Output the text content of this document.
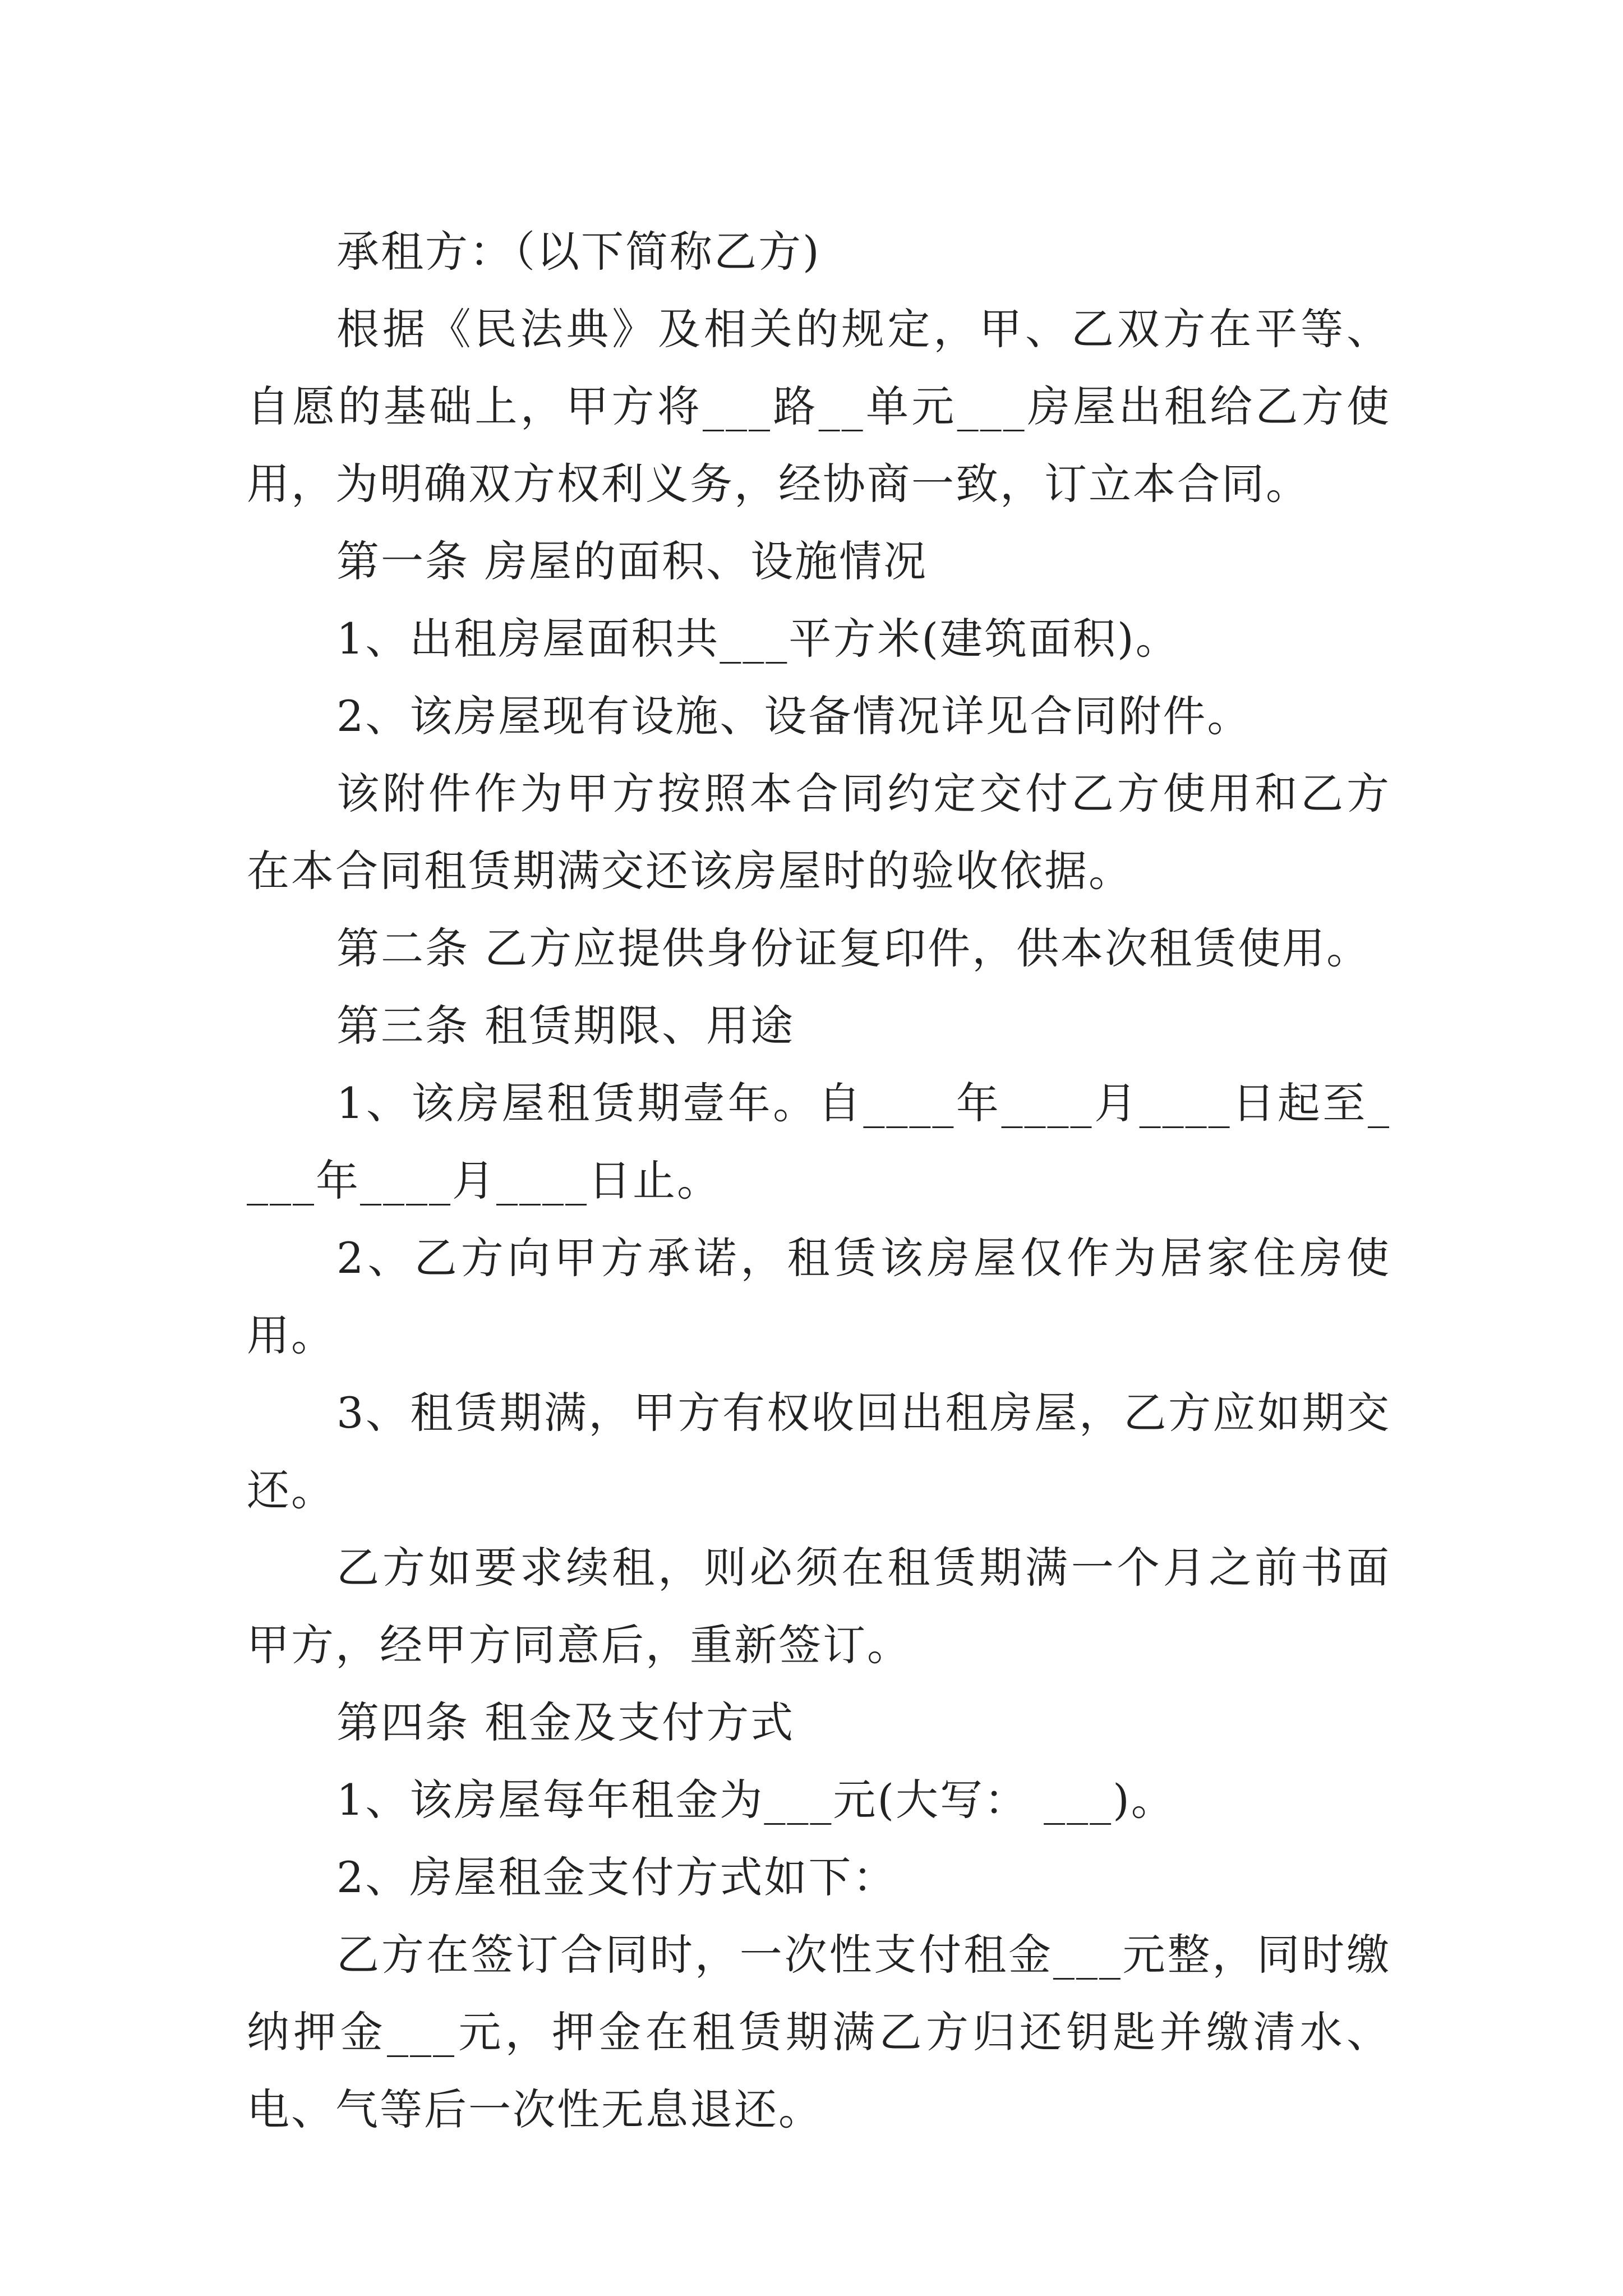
承租方：（以下简称乙方)

根据《民法典》及相关的规定，甲、乙双方在平等、自愿的基础上，甲方将___路__单元___房屋出租给乙方使用，为明确双方权利义务，经协商一致，订立本合同。

第一条 房屋的面积、设施情况

1、出租房屋面积共___平方米(建筑面积)。

2、该房屋现有设施、设备情况详见合同附件。

该附件作为甲方按照本合同约定交付乙方使用和乙方在本合同租赁期满交还该房屋时的验收依据。

第二条 乙方应提供身份证复印件，供本次租赁使用。

第三条 租赁期限、用途

1、该房屋租赁期壹年。自____年____月____日起至____年____月____日止。

2、乙方向甲方承诺，租赁该房屋仅作为居家住房使用。

3、租赁期满，甲方有权收回出租房屋，乙方应如期交还。

乙方如要求续租，则必须在租赁期满一个月之前书面甲方，经甲方同意后，重新签订。

第四条 租金及支付方式

1、该房屋每年租金为___元(大写： ___)。

2、房屋租金支付方式如下：

乙方在签订合同时，一次性支付租金___元整，同时缴纳押金___元，押金在租赁期满乙方归还钥匙并缴清水、电、气等后一次性无息退还。
